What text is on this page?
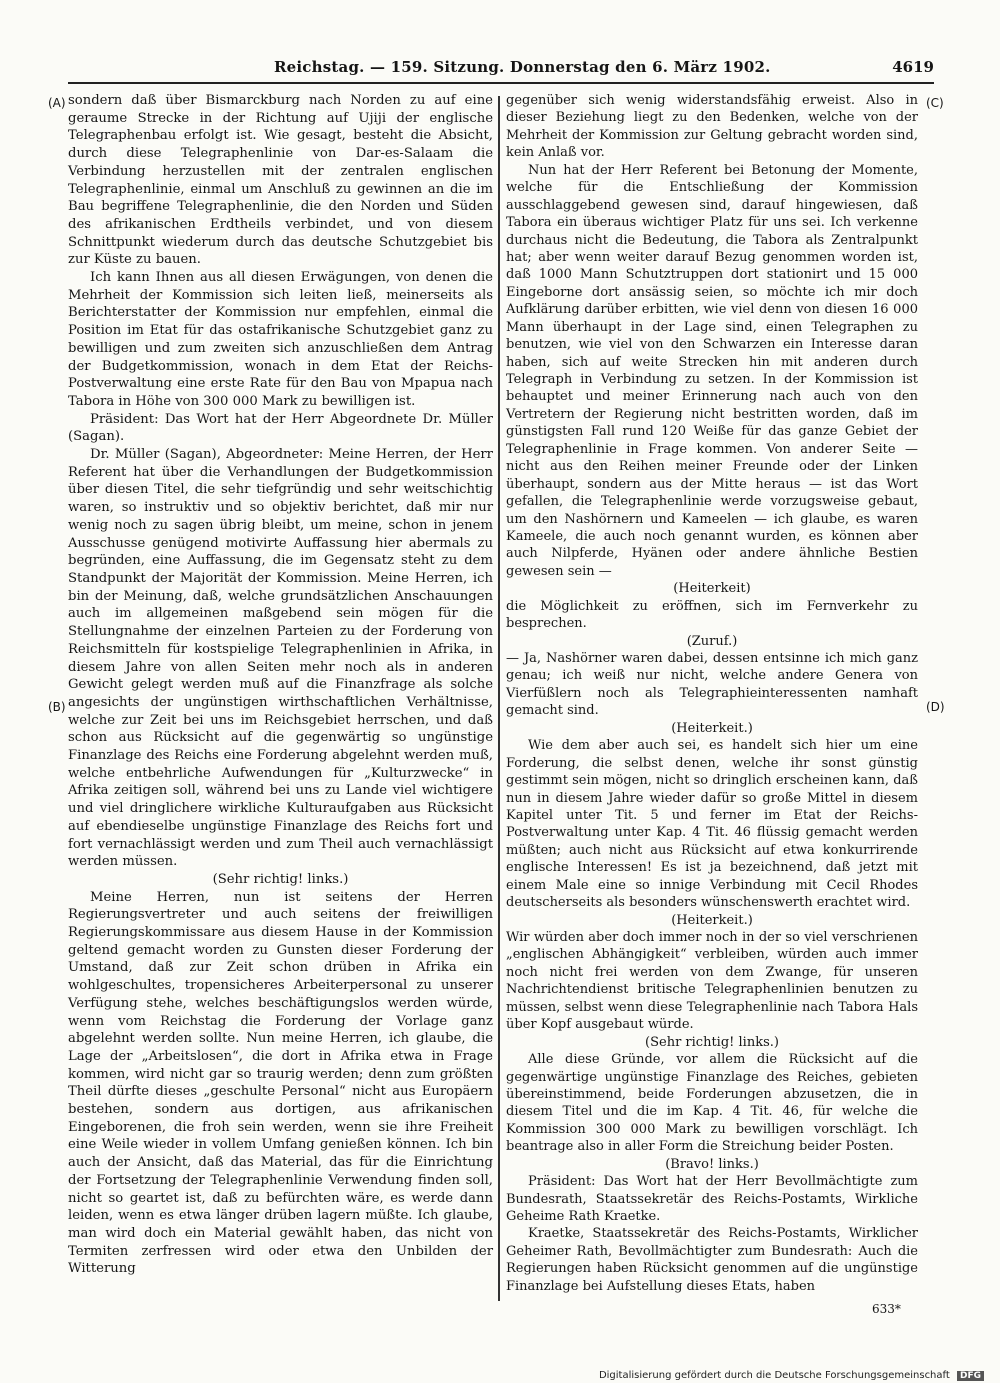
Reichstag. — 159. Sitzung. Donnerstag den 6. März 1902.	4619
(A)
(B)
(C)
(D)

sondern daß über Bismarckburg nach Norden zu auf eine geraume Strecke in der Richtung auf Ujiji der englische Telegraphenbau erfolgt ist. Wie gesagt, besteht die Absicht, durch diese Telegraphenlinie von Dar-es-Salaam die Verbindung herzustellen mit der zentralen englischen Telegraphenlinie, einmal um Anschluß zu gewinnen an die im Bau begriffene Telegraphenlinie, die den Norden und Süden des afrikanischen Erdtheils verbindet, und von diesem Schnittpunkt wiederum durch das deutsche Schutzgebiet bis zur Küste zu bauen.

Ich kann Ihnen aus all diesen Erwägungen, von denen die Mehrheit der Kommission sich leiten ließ, meinerseits als Berichterstatter der Kommission nur empfehlen, einmal die Position im Etat für das ostafrikanische Schutzgebiet ganz zu bewilligen und zum zweiten sich anzuschließen dem Antrag der Budgetkommission, wonach in dem Etat der Reichs-Postverwaltung eine erste Rate für den Bau von Mpapua nach Tabora in Höhe von 300 000 Mark zu bewilligen ist.

Präsident: Das Wort hat der Herr Abgeordnete Dr. Müller (Sagan).

Dr. Müller (Sagan), Abgeordneter: Meine Herren, der Herr Referent hat über die Verhandlungen der Budgetkommission über diesen Titel, die sehr tiefgründig und sehr weitschichtig waren, so instruktiv und so objektiv berichtet, daß mir nur wenig noch zu sagen übrig bleibt, um meine, schon in jenem Ausschusse genügend motivirte Auffassung hier abermals zu begründen, eine Auffassung, die im Gegensatz steht zu dem Standpunkt der Majorität der Kommission. Meine Herren, ich bin der Meinung, daß, welche grundsätzlichen Anschauungen auch im allgemeinen maßgebend sein mögen für die Stellungnahme der einzelnen Parteien zu der Forderung von Reichsmitteln für kostspielige Telegraphenlinien in Afrika, in diesem Jahre von allen Seiten mehr noch als in anderen Gewicht gelegt werden muß auf die Finanzfrage als solche angesichts der ungünstigen wirthschaftlichen Verhältnisse, welche zur Zeit bei uns im Reichsgebiet herrschen, und daß schon aus Rücksicht auf die gegenwärtig so ungünstige Finanzlage des Reichs eine Forderung abgelehnt werden muß, welche entbehrliche Aufwendungen für „Kulturzwecke“ in Afrika zeitigen soll, während bei uns zu Lande viel wichtigere und viel dringlichere wirkliche Kulturaufgaben aus Rücksicht auf ebendieselbe ungünstige Finanzlage des Reichs fort und fort vernachlässigt werden und zum Theil auch vernachlässigt werden müssen.

(Sehr richtig! links.)

Meine Herren, nun ist seitens der Herren Regierungsvertreter und auch seitens der freiwilligen Regierungskommissare aus diesem Hause in der Kommission geltend gemacht worden zu Gunsten dieser Forderung der Umstand, daß zur Zeit schon drüben in Afrika ein wohlgeschultes, tropensicheres Arbeiterpersonal zu unserer Verfügung stehe, welches beschäftigungslos werden würde, wenn vom Reichstag die Forderung der Vorlage ganz abgelehnt werden sollte. Nun meine Herren, ich glaube, die Lage der „Arbeitslosen“, die dort in Afrika etwa in Frage kommen, wird nicht gar so traurig werden; denn zum größten Theil dürfte dieses „geschulte Personal“ nicht aus Europäern bestehen, sondern aus dortigen, aus afrikanischen Eingeborenen, die froh sein werden, wenn sie ihre Freiheit eine Weile wieder in vollem Umfang genießen können. Ich bin auch der Ansicht, daß das Material, das für die Einrichtung der Fortsetzung der Telegraphenlinie Verwendung finden soll, nicht so geartet ist, daß zu befürchten wäre, es werde dann leiden, wenn es etwa länger drüben lagern müßte. Ich glaube, man wird doch ein Material gewählt haben, das nicht von Termiten zerfressen wird oder etwa den Unbilden der Witterung

gegenüber sich wenig widerstandsfähig erweist. Also in dieser Beziehung liegt zu den Bedenken, welche von der Mehrheit der Kommission zur Geltung gebracht worden sind, kein Anlaß vor.

Nun hat der Herr Referent bei Betonung der Momente, welche für die Entschließung der Kommission ausschlaggebend gewesen sind, darauf hingewiesen, daß Tabora ein überaus wichtiger Platz für uns sei. Ich verkenne durchaus nicht die Bedeutung, die Tabora als Zentralpunkt hat; aber wenn weiter darauf Bezug genommen worden ist, daß 1000 Mann Schutztruppen dort stationirt und 15 000 Eingeborne dort ansässig seien, so möchte ich mir doch Aufklärung darüber erbitten, wie viel denn von diesen 16 000 Mann überhaupt in der Lage sind, einen Telegraphen zu benutzen, wie viel von den Schwarzen ein Interesse daran haben, sich auf weite Strecken hin mit anderen durch Telegraph in Verbindung zu setzen. In der Kommission ist behauptet und meiner Erinnerung nach auch von den Vertretern der Regierung nicht bestritten worden, daß im günstigsten Fall rund 120 Weiße für das ganze Gebiet der Telegraphenlinie in Frage kommen. Von anderer Seite — nicht aus den Reihen meiner Freunde oder der Linken überhaupt, sondern aus der Mitte heraus — ist das Wort gefallen, die Telegraphenlinie werde vorzugsweise gebaut, um den Nashörnern und Kameelen — ich glaube, es waren Kameele, die auch noch genannt wurden, es können aber auch Nilpferde, Hyänen oder andere ähnliche Bestien gewesen sein —

(Heiterkeit)

die Möglichkeit zu eröffnen, sich im Fernverkehr zu besprechen.

(Zuruf.)

— Ja, Nashörner waren dabei, dessen entsinne ich mich ganz genau; ich weiß nur nicht, welche andere Genera von Vierfüßlern noch als Telegraphieinteressenten namhaft gemacht sind.

(Heiterkeit.)

Wie dem aber auch sei, es handelt sich hier um eine Forderung, die selbst denen, welche ihr sonst günstig gestimmt sein mögen, nicht so dringlich erscheinen kann, daß nun in diesem Jahre wieder dafür so große Mittel in diesem Kapitel unter Tit. 5 und ferner im Etat der Reichs-Postverwaltung unter Kap. 4 Tit. 46 flüssig gemacht werden müßten; auch nicht aus Rücksicht auf etwa konkurrirende englische Interessen! Es ist ja bezeichnend, daß jetzt mit einem Male eine so innige Verbindung mit Cecil Rhodes deutscherseits als besonders wünschenswerth erachtet wird.

(Heiterkeit.)

Wir würden aber doch immer noch in der so viel verschrienen „englischen Abhängigkeit“ verbleiben, würden auch immer noch nicht frei werden von dem Zwange, für unseren Nachrichtendienst britische Telegraphenlinien benutzen zu müssen, selbst wenn diese Telegraphenlinie nach Tabora Hals über Kopf ausgebaut würde.

(Sehr richtig! links.)

Alle diese Gründe, vor allem die Rücksicht auf die gegenwärtige ungünstige Finanzlage des Reiches, gebieten übereinstimmend, beide Forderungen abzusetzen, die in diesem Titel und die im Kap. 4 Tit. 46, für welche die Kommission 300 000 Mark zu bewilligen vorschlägt. Ich beantrage also in aller Form die Streichung beider Posten.

(Bravo! links.)

Präsident: Das Wort hat der Herr Bevollmächtigte zum Bundesrath, Staatssekretär des Reichs-Postamts, Wirkliche Geheime Rath Kraetke.

Kraetke, Staatssekretär des Reichs-Postamts, Wirklicher Geheimer Rath, Bevollmächtigter zum Bundesrath: Auch die Regierungen haben Rücksicht genommen auf die ungünstige Finanzlage bei Aufstellung dieses Etats, haben

633*
Digitalisierung gefördert durch die Deutsche Forschungsgemeinschaft DFG
